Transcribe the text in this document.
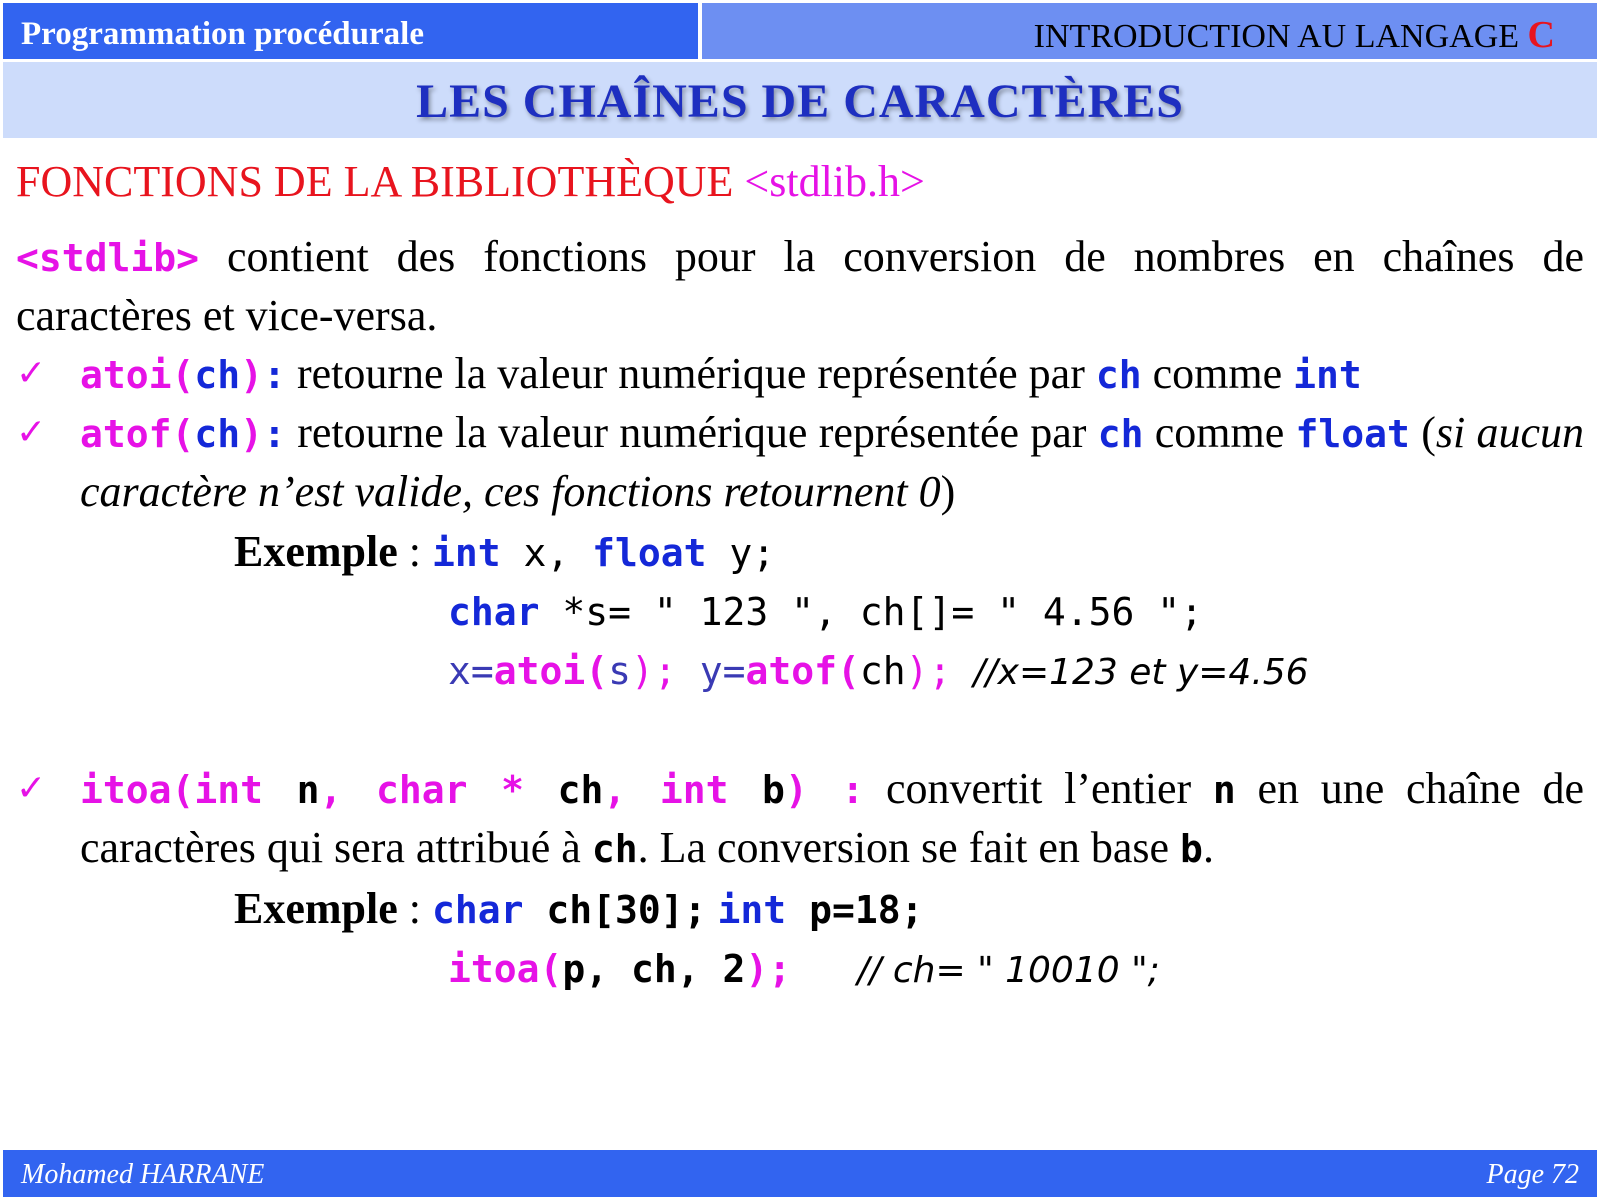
Programmation procédurale	INTRODUCTION AU LANGAGE C
LES CHAÎNES DE CARACTÈRES

FONCTIONS DE LA BIBLIOTHÈQUE <stdlib.h>

<stdlib> contient des fonctions pour la conversion de nombres en chaînes de caractères et vice-versa.

✓ atoi(ch): retourne la valeur numérique représentée par ch comme int

✓ atof(ch): retourne la valeur numérique représentée par ch comme float (si aucun caractère n’est valide, ces fonctions retournent 0)

Exemple : int x, float y;

char *s= " 123 ", ch[]= " 4.56 ";

x=atoi(s); y=atof(ch); //x=123 et y=4.56

✓ itoa(int n, char * ch, int b) : convertit l’entier n en une chaîne de caractères qui sera attribué à ch. La conversion se fait en base b.

Exemple : char ch[30]; int p=18;

itoa(p, ch, 2); // ch= " 10010 ";

Mohamed HARRANE	Page 72
